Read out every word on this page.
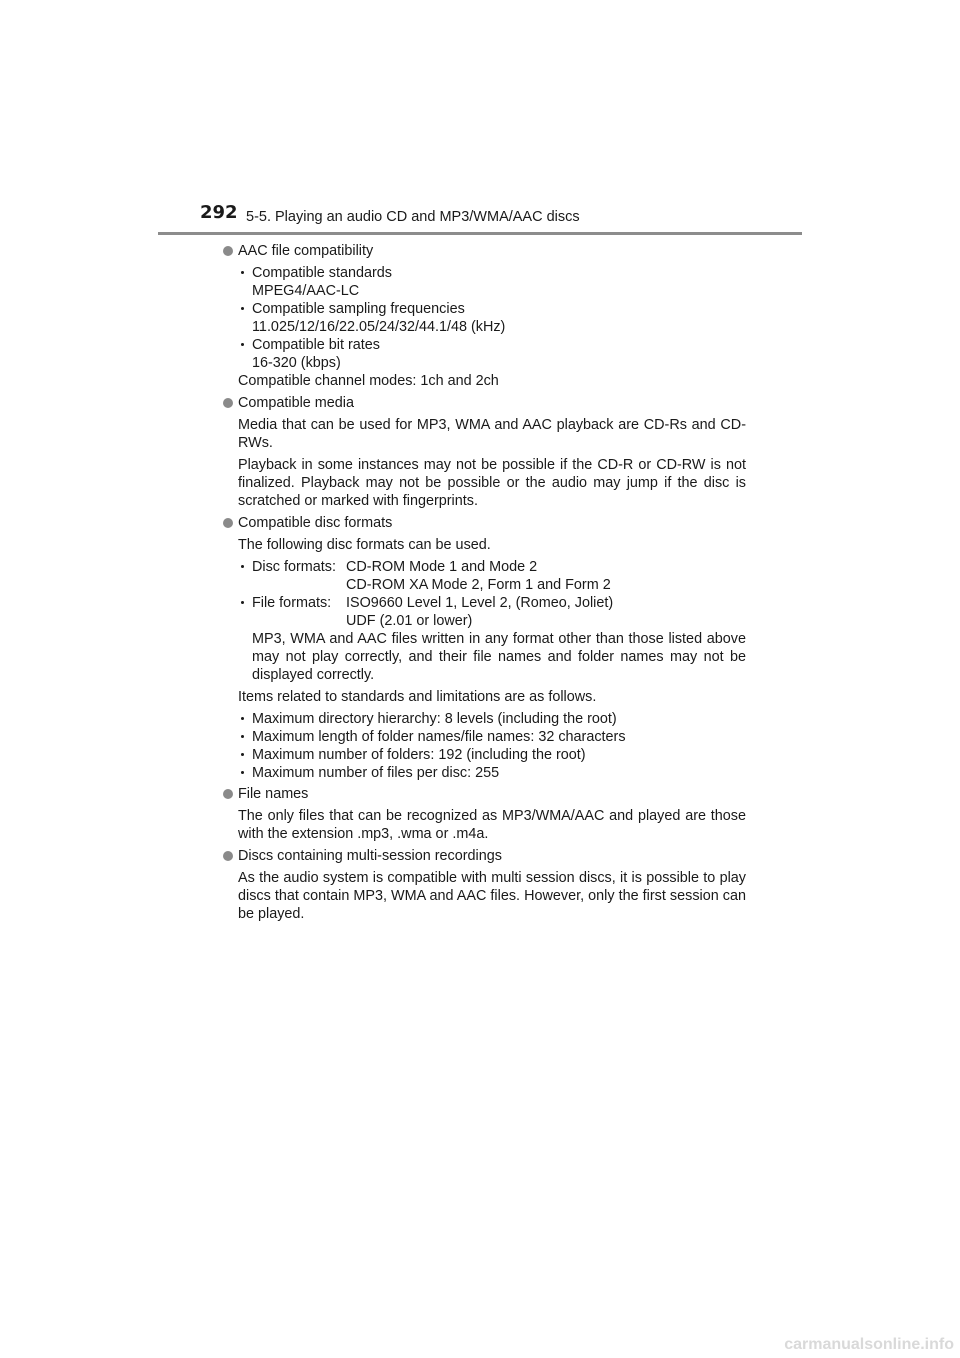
292 5-5. Playing an audio CD and MP3/WMA/AAC discs
AAC file compatibility
Compatible standards
MPEG4/AAC-LC
Compatible sampling frequencies
11.025/12/16/22.05/24/32/44.1/48 (kHz)
Compatible bit rates
16-320 (kbps)
Compatible channel modes: 1ch and 2ch
Compatible media
Media that can be used for MP3, WMA and AAC playback are CD-Rs and CD-RWs.
Playback in some instances may not be possible if the CD-R or CD-RW is not finalized. Playback may not be possible or the audio may jump if the disc is scratched or marked with fingerprints.
Compatible disc formats
The following disc formats can be used.
Disc formats: CD-ROM Mode 1 and Mode 2
CD-ROM XA Mode 2, Form 1 and Form 2
File formats:	ISO9660 Level 1, Level 2, (Romeo, Joliet)
UDF (2.01 or lower)
MP3, WMA and AAC files written in any format other than those listed above may not play correctly, and their file names and folder names may not be displayed correctly.
Items related to standards and limitations are as follows.
Maximum directory hierarchy: 8 levels (including the root)
Maximum length of folder names/file names: 32 characters
Maximum number of folders: 192 (including the root)
Maximum number of files per disc: 255
File names
The only files that can be recognized as MP3/WMA/AAC and played are those with the extension .mp3, .wma or .m4a.
Discs containing multi-session recordings
As the audio system is compatible with multi session discs, it is possible to play discs that contain MP3, WMA and AAC files. However, only the first session can be played.
carmanualsonline.info
